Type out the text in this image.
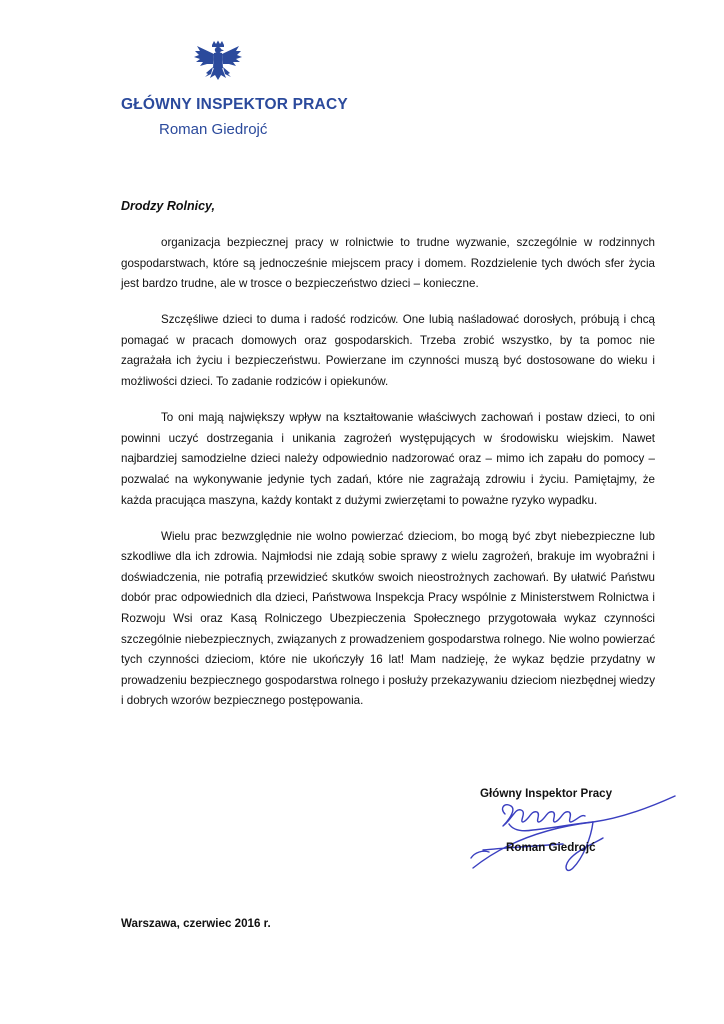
GŁÓWNY INSPEKTOR PRACY
Roman Giedrojć
Drodzy Rolnicy,

organizacja bezpiecznej pracy w rolnictwie to trudne wyzwanie, szczególnie w rodzinnych gospodarstwach, które są jednocześnie miejscem pracy i domem. Rozdzielenie tych dwóch sfer życia jest bardzo trudne, ale w trosce o bezpieczeństwo dzieci – konieczne.

Szczęśliwe dzieci to duma i radość rodziców. One lubią naśladować dorosłych, próbują i chcą pomagać w pracach domowych oraz gospodarskich. Trzeba zrobić wszystko, by ta pomoc nie zagrażała ich życiu i bezpieczeństwu. Powierzane im czynności muszą być dostosowane do wieku i możliwości dzieci. To zadanie rodziców i opiekunów.

To oni mają największy wpływ na kształtowanie właściwych zachowań i postaw dzieci, to oni powinni uczyć dostrzegania i unikania zagrożeń występujących w środowisku wiejskim. Nawet najbardziej samodzielne dzieci należy odpowiednio nadzorować oraz – mimo ich zapału do pomocy – pozwalać na wykonywanie jedynie tych zadań, które nie zagrażają zdrowiu i życiu. Pamiętajmy, że każda pracująca maszyna, każdy kontakt z dużymi zwierzętami to poważne ryzyko wypadku.

Wielu prac bezwzględnie nie wolno powierzać dzieciom, bo mogą być zbyt niebezpieczne lub szkodliwe dla ich zdrowia. Najmłodsi nie zdają sobie sprawy z wielu zagrożeń, brakuje im wyobraźni i doświadczenia, nie potrafią przewidzieć skutków swoich nieostrożnych zachowań. By ułatwić Państwu dobór prac odpowiednich dla dzieci, Państwowa Inspekcja Pracy wspólnie z Ministerstwem Rolnictwa i Rozwoju Wsi oraz Kasą Rolniczego Ubezpieczenia Społecznego przygotowała wykaz czynności szczególnie niebezpiecznych, związanych z prowadzeniem gospodarstwa rolnego. Nie wolno powierzać tych czynności dzieciom, które nie ukończyły 16 lat! Mam nadzieję, że wykaz będzie przydatny w prowadzeniu bezpiecznego gospodarstwa rolnego i posłuży przekazywaniu dzieciom niezbędnej wiedzy i dobrych wzorów bezpiecznego postępowania.

Główny Inspektor Pracy
Roman Giedrojć
Warszawa, czerwiec 2016 r.
